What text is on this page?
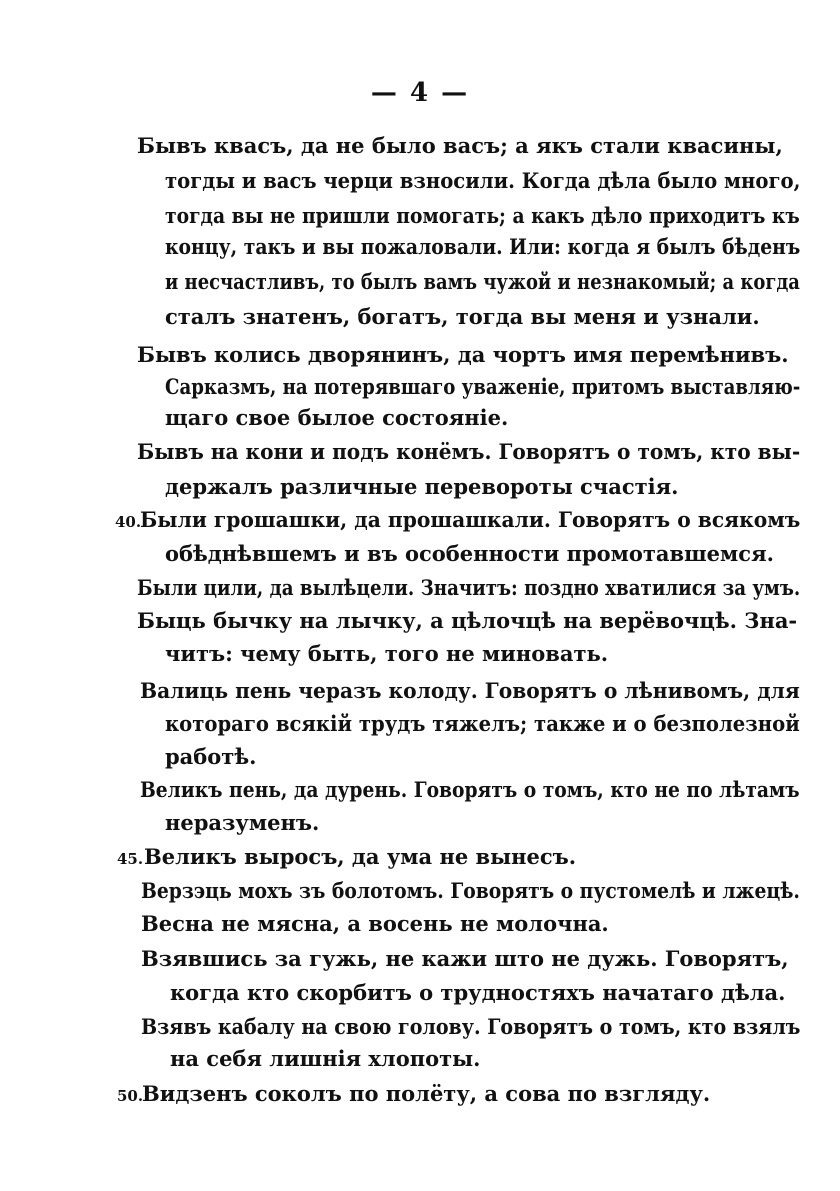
— 4 —
Бывъ квасъ, да не было васъ; а якъ стали квасины,
тогды и васъ черци взносили. Когда дѣла было много,
тогда вы не пришли помогать; а какъ дѣло приходитъ къ
концу, такъ и вы пожаловали. Или: когда я былъ бѣденъ
и несчастливъ, то былъ вамъ чужой и незнакомый; а когда
сталъ знатенъ, богатъ, тогда вы меня и узнали.
Бывъ колись дворянинъ, да чортъ имя перемѣнивъ.
Сарказмъ, на потерявшаго уваженіе, притомъ выставляю-
щаго свое былое состояніе.
Бывъ на кони и подъ конёмъ. Говорятъ о томъ, кто вы-
держалъ различные перевороты счастія.
40.
Были грошашки, да прошашкали. Говорятъ о всякомъ
обѣднѣвшемъ и въ особенности промотавшемся.
Были цили, да вылѣцели. Значитъ: поздно хватилися за умъ.
Быць бычку на лычку, а цѣлочцѣ на верёвочцѣ. Зна-
читъ: чему быть, того не миновать.
Валиць пень черазъ колоду. Говорятъ о лѣнивомъ, для
котораго всякій трудъ тяжелъ; также и о безполезной
работѣ.
Великъ пень, да дурень. Говорятъ о томъ, кто не по лѣтамъ
неразуменъ.
45. Великъ выросъ, да ума не вынесъ.
Верзэць мохъ зъ болотомъ. Говорятъ о пустомелѣ и лжецѣ.
Весна не мясна, а восень не молочна.
Взявшись за гужь, не кажи што не дужь. Говорятъ,
когда кто скорбитъ о трудностяхъ начатаго дѣла.
Взявъ кабалу на свою голову. Говорятъ о томъ, кто взялъ
на себя лишнія хлопоты.
50.
Видзенъ соколъ по полёту, а сова по взгляду.
